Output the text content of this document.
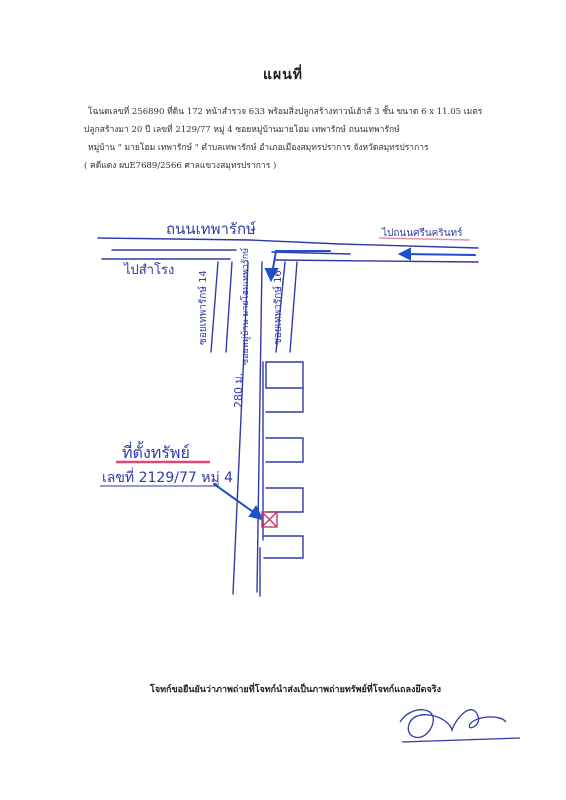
แผนที่
โฉนดเลขที่ 256890 ที่ดิน 172 หน้าสำรวจ 633 พร้อมสิ่งปลูกสร้างทาวน์เฮ้าส์ 3 ชั้น ขนาด 6 x 11.05 เมตร
ปลูกสร้างมา 20 ปี เลขที่ 2129/77 หมู่ 4 ซอยหมู่บ้านมายโฮม เทพารักษ์ ถนนเทพารักษ์
หมู่บ้าน " มายโฮม เทพารักษ์ " ตำบลเทพารักษ์ อำเภอเมืองสมุทรปราการ จังหวัดสมุทรปราการ
( คดีแดง ผบE7689/2566 ศาลแขวงสมุทรปราการ )
ถนนเทพารักษ์	ไปถนนศรีนครินทร์
ไปสำโรง ซอยเทพารักษ์ 14	ซอยหมู่บ้าน มายโฮมเทพารักษ์ ซอยเทพารักษ์ 16
280 ม.
ที่ตั้งทรัพย์
เลขที่ 2129/77 หมู่ 4
โจทก์ขอยืนยันว่าภาพถ่ายที่โจทก์นำส่งเป็นภาพถ่ายทรัพย์ที่โจทก์แถลงยึดจริง
